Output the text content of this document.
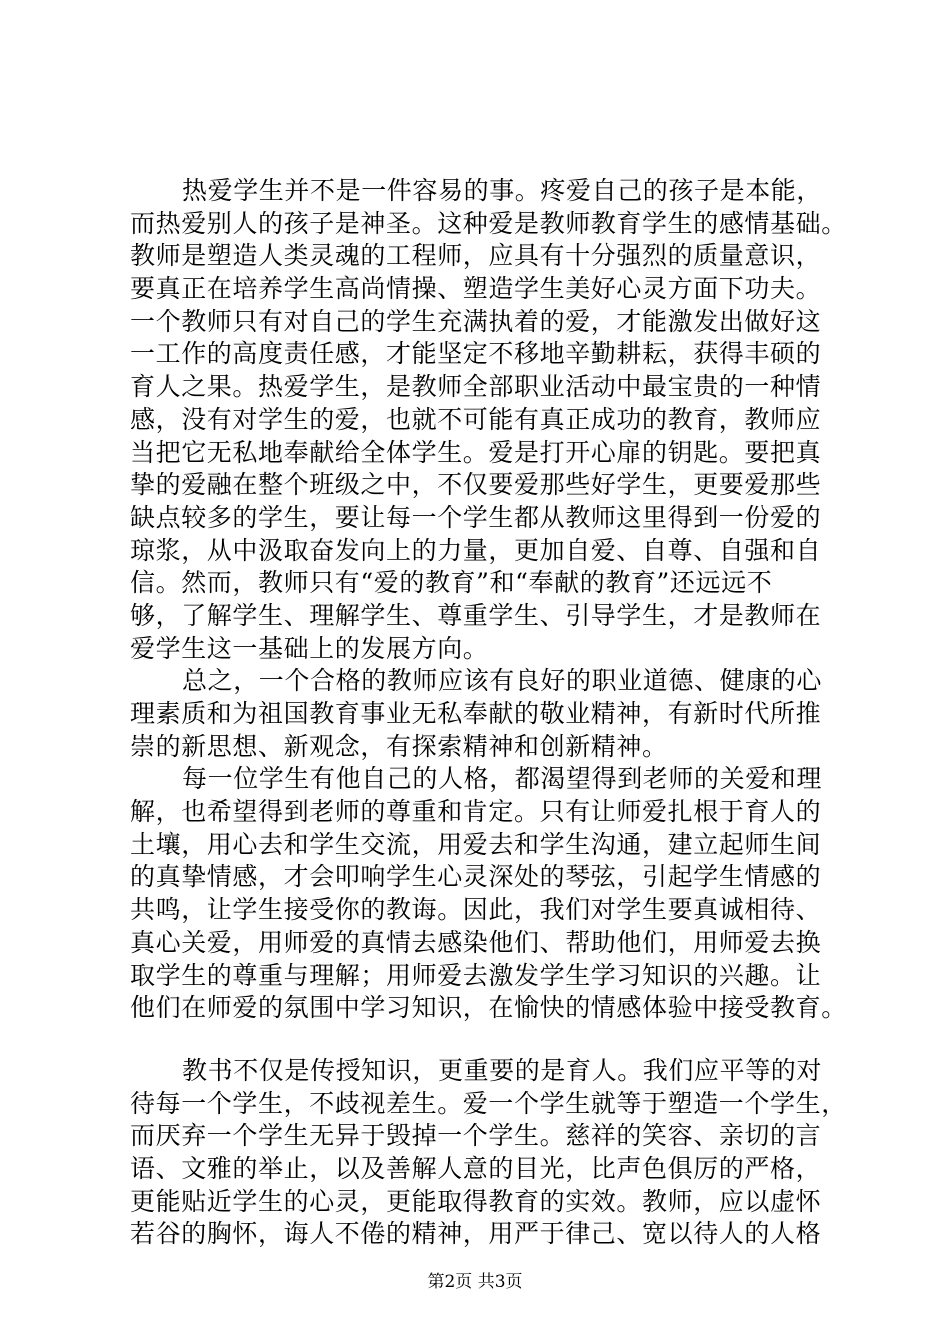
热爱学生并不是一件容易的事。疼爱自己的孩子是本能，
而热爱别人的孩子是神圣。这种爱是教师教育学生的感情基础。
教师是塑造人类灵魂的工程师，应具有十分强烈的质量意识，
要真正在培养学生高尚情操、塑造学生美好心灵方面下功夫。
一个教师只有对自己的学生充满执着的爱，才能激发出做好这
一工作的高度责任感，才能坚定不移地辛勤耕耘，获得丰硕的
育人之果。热爱学生，是教师全部职业活动中最宝贵的一种情
感，没有对学生的爱，也就不可能有真正成功的教育，教师应
当把它无私地奉献给全体学生。爱是打开心扉的钥匙。要把真
挚的爱融在整个班级之中，不仅要爱那些好学生，更要爱那些
缺点较多的学生，要让每一个学生都从教师这里得到一份爱的
琼浆，从中汲取奋发向上的力量，更加自爱、自尊、自强和自
信。然而，教师只有“爱的教育”和“奉献的教育”还远远不
够，了解学生、理解学生、尊重学生、引导学生，才是教师在
爱学生这一基础上的发展方向。
总之，一个合格的教师应该有良好的职业道德、健康的心
理素质和为祖国教育事业无私奉献的敬业精神，有新时代所推
崇的新思想、新观念，有探索精神和创新精神。
每一位学生有他自己的人格，都渴望得到老师的关爱和理
解，也希望得到老师的尊重和肯定。只有让师爱扎根于育人的
土壤，用心去和学生交流，用爱去和学生沟通，建立起师生间
的真挚情感，才会叩响学生心灵深处的琴弦，引起学生情感的
共鸣，让学生接受你的教诲。因此，我们对学生要真诚相待、
真心关爱，用师爱的真情去感染他们、帮助他们，用师爱去换
取学生的尊重与理解；用师爱去激发学生学习知识的兴趣。让
他们在师爱的氛围中学习知识，在愉快的情感体验中接受教育。
教书不仅是传授知识，更重要的是育人。我们应平等的对
待每一个学生，不歧视差生。爱一个学生就等于塑造一个学生，
而厌弃一个学生无异于毁掉一个学生。慈祥的笑容、亲切的言
语、文雅的举止，以及善解人意的目光，比声色俱厉的严格，
更能贴近学生的心灵，更能取得教育的实效。教师，应以虚怀
若谷的胸怀，诲人不倦的精神，用严于律己、宽以待人的人格
第2页 共3页
